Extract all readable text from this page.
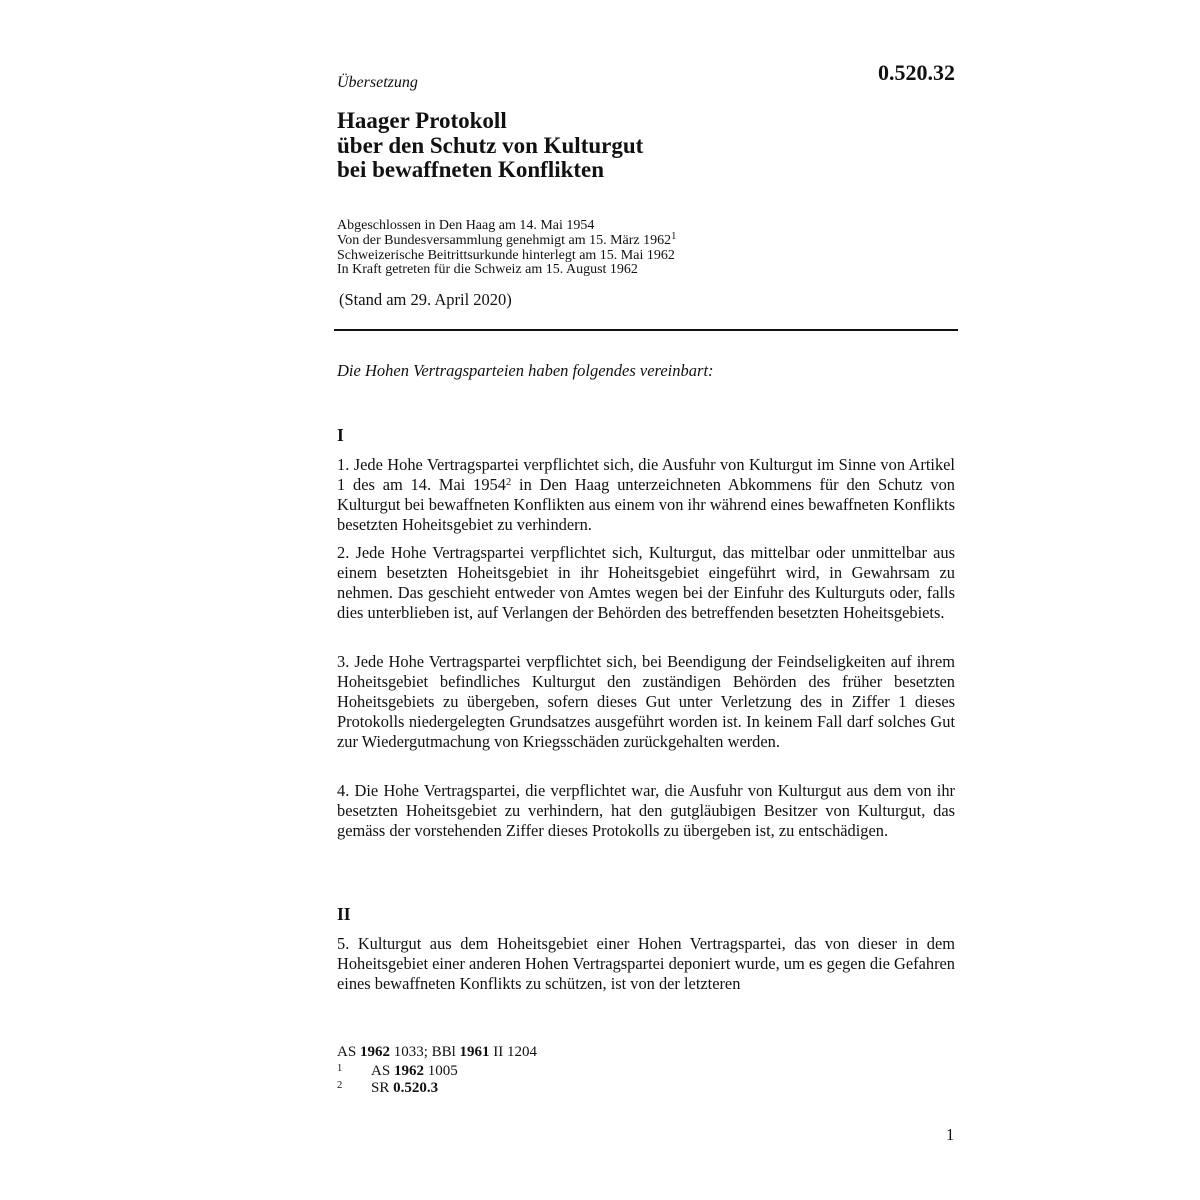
Übersetzung	0.520.32
Haager Protokoll
über den Schutz von Kulturgut
bei bewaffneten Konflikten
Abgeschlossen in Den Haag am 14. Mai 1954
Von der Bundesversammlung genehmigt am 15. März 1962$^1$
Schweizerische Beitrittsurkunde hinterlegt am 15. Mai 1962
In Kraft getreten für die Schweiz am 15. August 1962
(Stand am 29. April 2020)
Die Hohen Vertragsparteien haben folgendes vereinbart:
I

1. Jede Hohe Vertragspartei verpflichtet sich, die Ausfuhr von Kulturgut im Sinne von Artikel 1 des am 14. Mai 1954$^2$ in Den Haag unterzeichneten Abkommens für den Schutz von Kulturgut bei bewaffneten Konflikten aus einem von ihr während eines bewaffneten Konflikts besetzten Hoheitsgebiet zu verhindern.

2. Jede Hohe Vertragspartei verpflichtet sich, Kulturgut, das mittelbar oder unmittelbar aus einem besetzten Hoheitsgebiet in ihr Hoheitsgebiet eingeführt wird, in Gewahrsam zu nehmen. Das geschieht entweder von Amtes wegen bei der Einfuhr des Kulturguts oder, falls dies unterblieben ist, auf Verlangen der Behörden des betreffenden besetzten Hoheitsgebiets.

3. Jede Hohe Vertragspartei verpflichtet sich, bei Beendigung der Feindseligkeiten auf ihrem Hoheitsgebiet befindliches Kulturgut den zuständigen Behörden des früher besetzten Hoheitsgebiets zu übergeben, sofern dieses Gut unter Verletzung des in Ziffer 1 dieses Protokolls niedergelegten Grundsatzes ausgeführt worden ist. In keinem Fall darf solches Gut zur Wiedergutmachung von Kriegsschäden zurückgehalten werden.

4. Die Hohe Vertragspartei, die verpflichtet war, die Ausfuhr von Kulturgut aus dem von ihr besetzten Hoheitsgebiet zu verhindern, hat den gutgläubigen Besitzer von Kulturgut, das gemäss der vorstehenden Ziffer dieses Protokolls zu übergeben ist, zu entschädigen.

II

5. Kulturgut aus dem Hoheitsgebiet einer Hohen Vertragspartei, das von dieser in dem Hoheitsgebiet einer anderen Hohen Vertragspartei deponiert wurde, um es gegen die Gefahren eines bewaffneten Konflikts zu schützen, ist von der letzteren

AS 1962 1033; BBl 1961 II 1204
1 AS 1962 1005
2 SR 0.520.3
1
